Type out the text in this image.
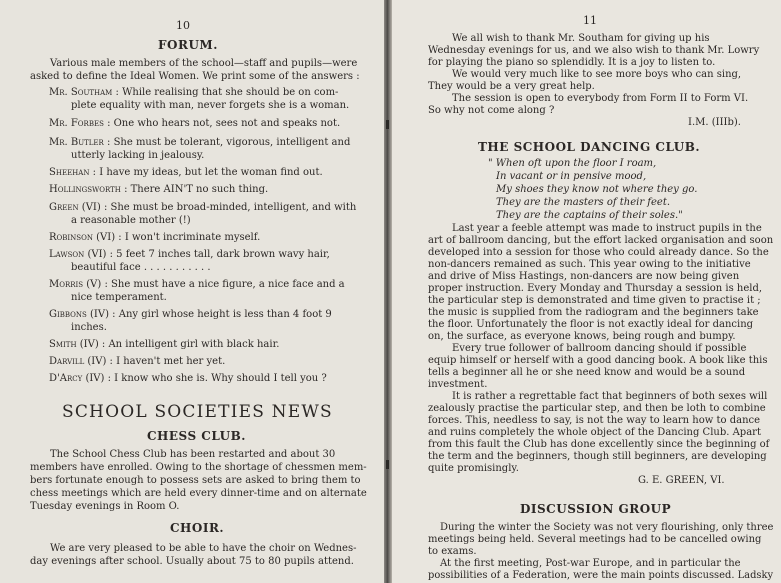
10
FORUM.
Various male members of the school—staff and pupils—were
asked to define the Ideal Women. We print some of the answers :
Mr. Southam : While realising that she should be on com-
plete equality with man, never forgets she is a woman.
Mr. Forbes : One who hears not, sees not and speaks not.
Mr. Butler : She must be tolerant, vigorous, intelligent and
utterly lacking in jealousy.
Sheehan : I have my ideas, but let the woman find out.
Hollingsworth : There AIN'T no such thing.
Green (VI) : She must be broad-minded, intelligent, and with
a reasonable mother (!)
Robinson (VI) : I won't incriminate myself.
Lawson (VI) : 5 feet 7 inches tall, dark brown wavy hair,
beautiful face . . . . . . . . . . .
Morris (V) : She must have a nice figure, a nice face and a
nice temperament.
Gibbons (IV) : Any girl whose height is less than 4 foot 9
inches.
Smith (IV) : An intelligent girl with black hair.
Darvill (IV) : I haven't met her yet.
D'Arcy (IV) : I know who she is. Why should I tell you ?
SCHOOL SOCIETIES NEWS
CHESS CLUB.
The School Chess Club has been restarted and about 30
members have enrolled. Owing to the shortage of chessmen mem-
bers fortunate enough to possess sets are asked to bring them to
chess meetings which are held every dinner-time and on alternate
Tuesday evenings in Room O.
CHOIR.
We are very pleased to be able to have the choir on Wednes-
day evenings after school. Usually about 75 to 80 pupils attend.
11
We all wish to thank Mr. Southam for giving up his
Wednesday evenings for us, and we also wish to thank Mr. Lowry
for playing the piano so splendidly. It is a joy to listen to.
We would very much like to see more boys who can sing,
They would be a very great help.
The session is open to everybody from Form II to Form VI.
So why not come along ?
I.M. (IIIb).
THE SCHOOL DANCING CLUB.
" When oft upon the floor I roam,
In vacant or in pensive mood,
My shoes they know not where they go.
They are the masters of their feet.
They are the captains of their soles."
Last year a feeble attempt was made to instruct pupils in the
art of ballroom dancing, but the effort lacked organisation and soon
developed into a session for those who could already dance. So the
non-dancers remained as such. This year owing to the initiative
and drive of Miss Hastings, non-dancers are now being given
proper instruction. Every Monday and Thursday a session is held,
the particular step is demonstrated and time given to practise it ;
the music is supplied from the radiogram and the beginners take
the floor. Unfortunately the floor is not exactly ideal for dancing
on, the surface, as everyone knows, being rough and bumpy.
Every true follower of ballroom dancing should if possible
equip himself or herself with a good dancing book. A book like this
tells a beginner all he or she need know and would be a sound
investment.
It is rather a regrettable fact that beginners of both sexes will
zealously practise the particular step, and then be loth to combine
forces. This, needless to say, is not the way to learn how to dance
and ruins completely the whole object of the Dancing Club. Apart
from this fault the Club has done excellently since the beginning of
the term and the beginners, though still beginners, are developing
quite promisingly.
G. E. GREEN, VI.
DISCUSSION GROUP
During the winter the Society was not very flourishing, only three
meetings being held. Several meetings had to be cancelled owing
to exams.
At the first meeting, Post-war Europe, and in particular the
possibilities of a Federation, were the main points discussed. Ladsky
